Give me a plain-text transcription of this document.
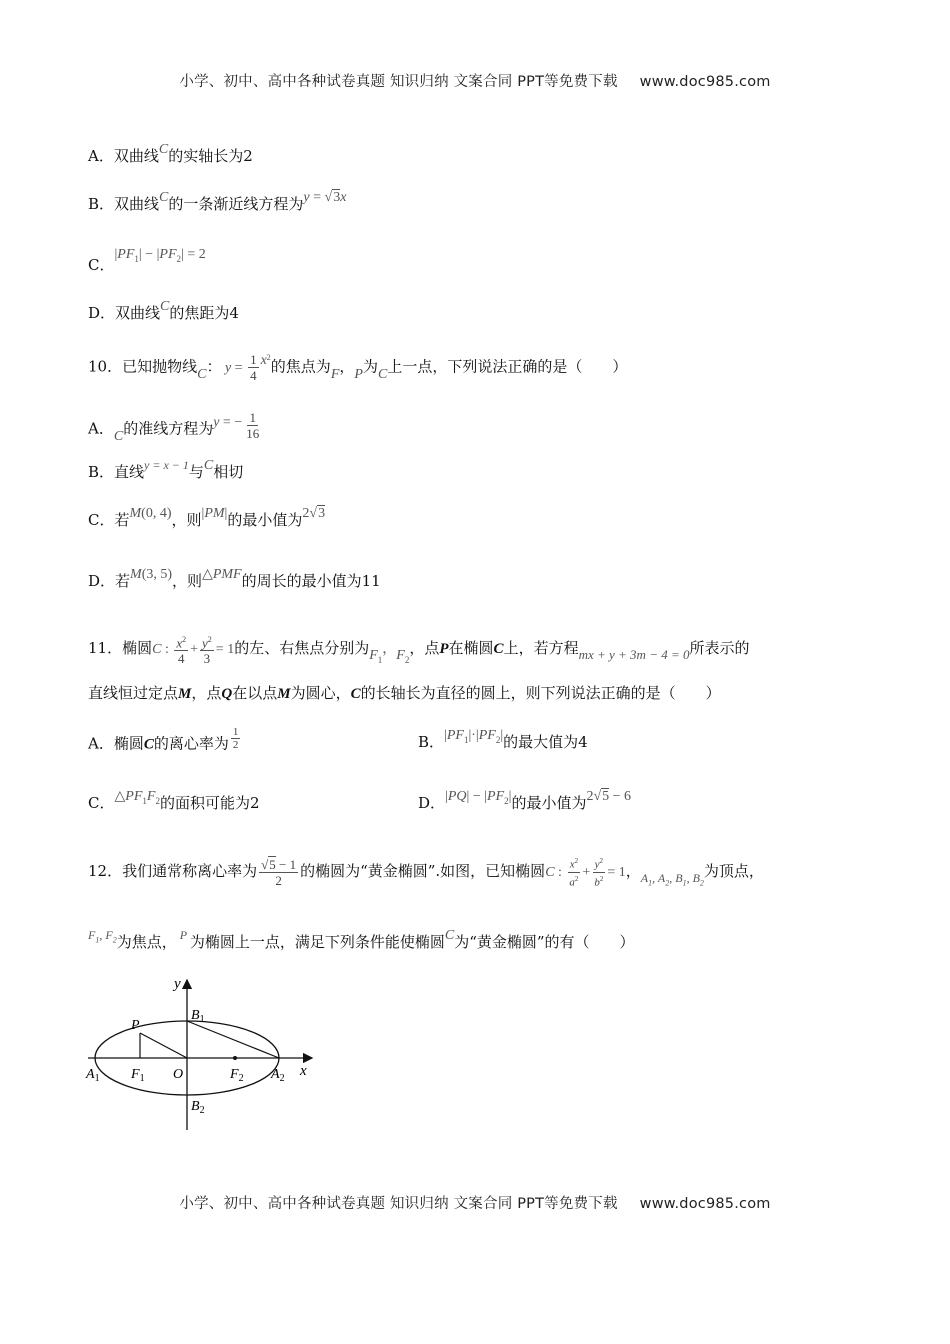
小学、初中、高中各种试卷真题 知识归纳 文案合同 PPT等免费下载 www.doc985.com
A．双曲线C的实轴长为2
B．双曲线C的一条渐近线方程为y = √3x
C．$|PF_1| - |PF_2| = 2$
D．双曲线C的焦距为4
10．已知抛物线C： $y = \frac{1}{4} x^2$的焦点为F，P为C上一点，下列说法正确的是（　　）
A．C的准线方程为y = − $\frac{1}{16}$
B．直线$^{y = x - 1}$与C相切
C．若M(0, 4)，则|PM|的最小值为2√3
D．若M(3, 5)，则△PMF的周长的最小值为11
11．椭圆C : $\frac{x^2}{4} + \frac{y^2}{3} = 1$的左、右焦点分别为$F_1$，$F_2$，点P在椭圆C上，若方程mx + y + 3m − 4 = 0所表示的
直线恒过定点M，点Q在以点M为圆心，C的长轴长为直径的圆上，则下列说法正确的是（　　）
A．椭圆C的离心率为 $\frac{1}{2}$	B．$|PF_1|\cdot|PF_2|$的最大值为4
C．$\triangle PF_1F_2$的面积可能为2	D．$|PQ| - |PF_2|$的最小值为2√5 − 6
12．我们通常称离心率为 $\frac{√5 - 1}{2}$ 的椭圆为“黄金椭圆”.如图，已知椭圆C : $\frac{x^2}{a^2} + \frac{y^2}{b^2} = 1$，$_{A_1, A_2, B_1, B_2}$为顶点，
$^{F_1, F_2}$为焦点， $^P$ 为椭圆上一点，满足下列条件能使椭圆C为“黄金椭圆”的有（　　）
y
x
P
$B_1$
$B_2$
$A_1$	$A_2$
$F_1$	$F_2$
O
小学、初中、高中各种试卷真题 知识归纳 文案合同 PPT等免费下载 www.doc985.com
